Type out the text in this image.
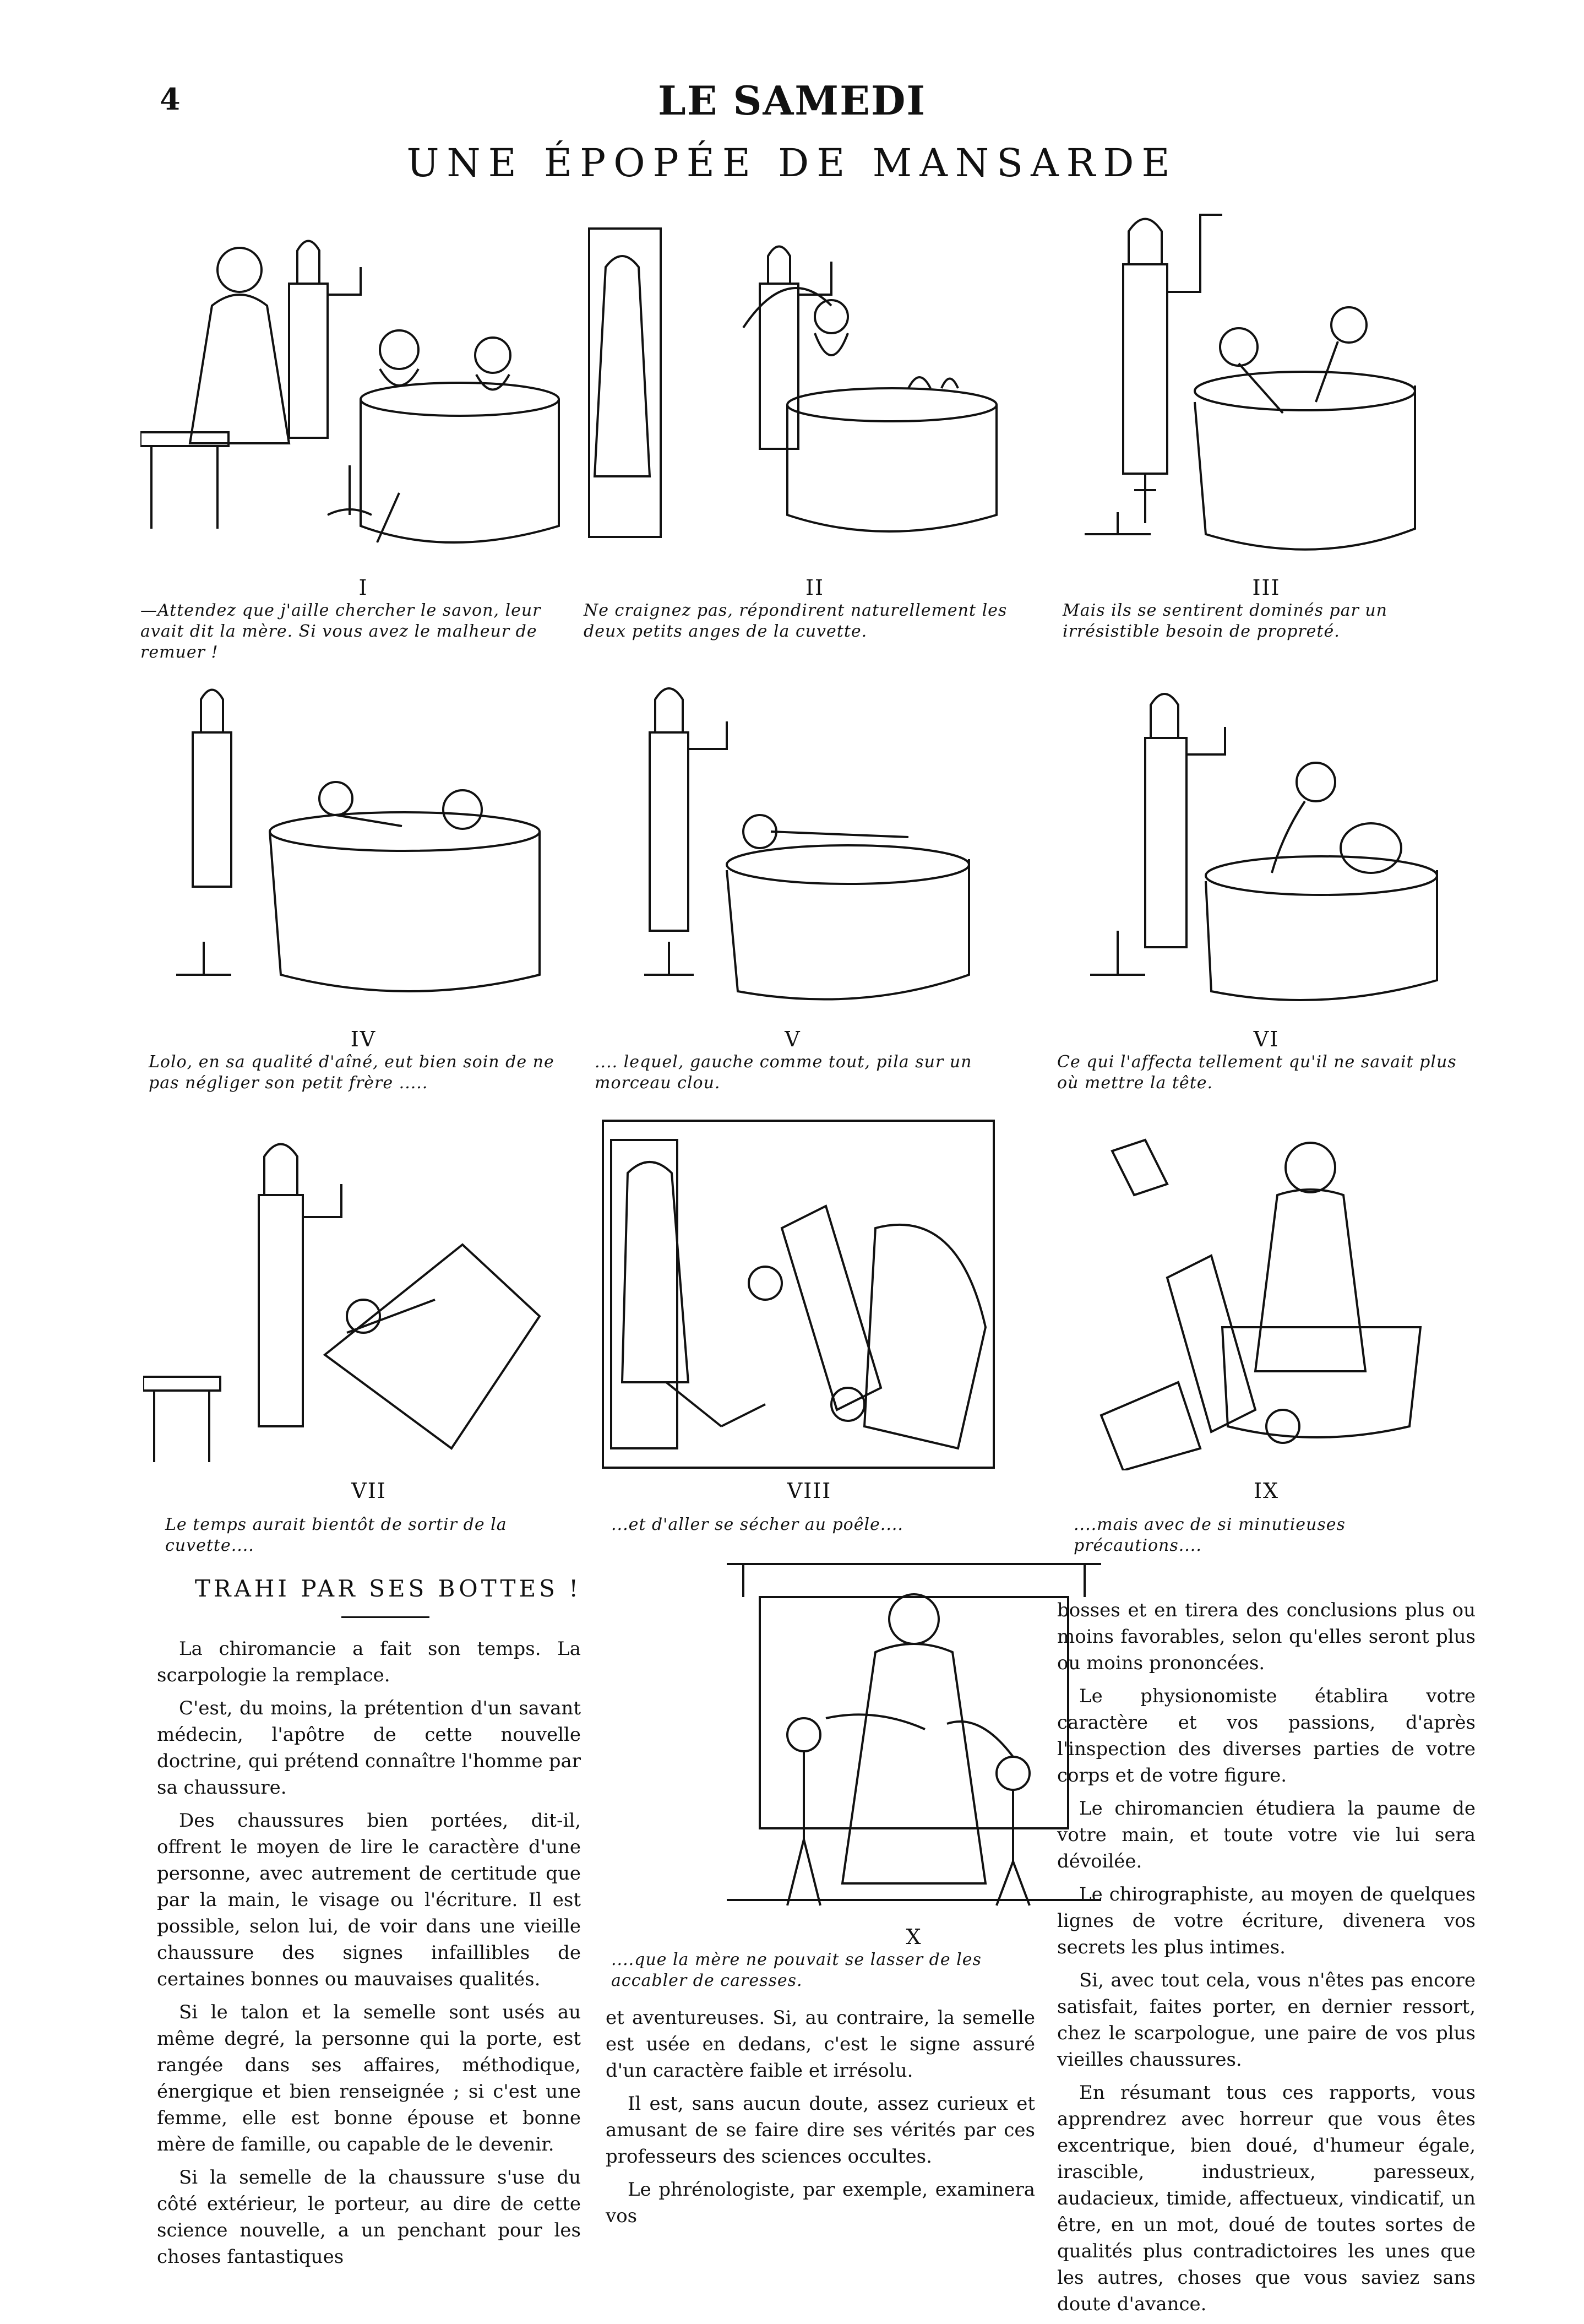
4	LE SAMEDI
UNE ÉPOPÉE DE MANSARDE
I	II	III
—Attendez que j'aille chercher le savon, leur avait dit la mère. Si vous avez le malheur de remuer !
Ne craignez pas, répondirent naturellement les deux petits anges de la cuvette.
Mais ils se sentirent dominés par un irrésistible besoin de propreté.
IV	V	VI
Lolo, en sa qualité d'aîné, eut bien soin de ne pas négliger son petit frère .....
.... lequel, gauche comme tout, pila sur un morceau clou.
Ce qui l'affecta tellement qu'il ne savait plus où mettre la tête.
VII	VIII	IX
Le temps aurait bientôt de sortir de la cuvette....
...et d'aller se sécher au poêle....	....mais avec de si minutieuses précautions....
X
....que la mère ne pouvait se lasser de les accabler de caresses.
TRAHI PAR SES BOTTES !

La chiromancie a fait son temps. La scarpologie la remplace.

C'est, du moins, la prétention d'un savant médecin, l'apôtre de cette nouvelle doctrine, qui prétend connaître l'homme par sa chaussure.

Des chaussures bien portées, dit-il, offrent le moyen de lire le caractère d'une personne, avec autrement de certitude que par la main, le visage ou l'écriture. Il est possible, selon lui, de voir dans une vieille chaussure des signes infaillibles de certaines bonnes ou mauvaises qualités.

Si le talon et la semelle sont usés au même degré, la personne qui la porte, est rangée dans ses affaires, méthodique, énergique et bien renseignée ; si c'est une femme, elle est bonne épouse et bonne mère de famille, ou capable de le devenir.

Si la semelle de la chaussure s'use du côté extérieur, le porteur, au dire de cette science nouvelle, a un penchant pour les choses fantastiques

et aventureuses. Si, au contraire, la semelle est usée en dedans, c'est le signe assuré d'un caractère faible et irrésolu.

Il est, sans aucun doute, assez curieux et amusant de se faire dire ses vérités par ces professeurs des sciences occultes.

Le phrénologiste, par exemple, examinera vos

bosses et en tirera des conclusions plus ou moins favorables, selon qu'elles seront plus ou moins prononcées.

Le physionomiste établira votre caractère et vos passions, d'après l'inspection des diverses parties de votre corps et de votre figure.

Le chiromancien étudiera la paume de votre main, et toute votre vie lui sera dévoilée.

Le chirographiste, au moyen de quelques lignes de votre écriture, divenera vos secrets les plus intimes.

Si, avec tout cela, vous n'êtes pas encore satisfait, faites porter, en dernier ressort, chez le scarpologue, une paire de vos plus vieilles chaussures.

En résumant tous ces rapports, vous apprendrez avec horreur que vous êtes excentrique, bien doué, d'humeur égale, irascible, industrieux, paresseux, audacieux, timide, affectueux, vindicatif, un être, en un mot, doué de toutes sortes de qualités plus contradictoires les unes que les autres, choses que vous saviez sans doute d'avance.
